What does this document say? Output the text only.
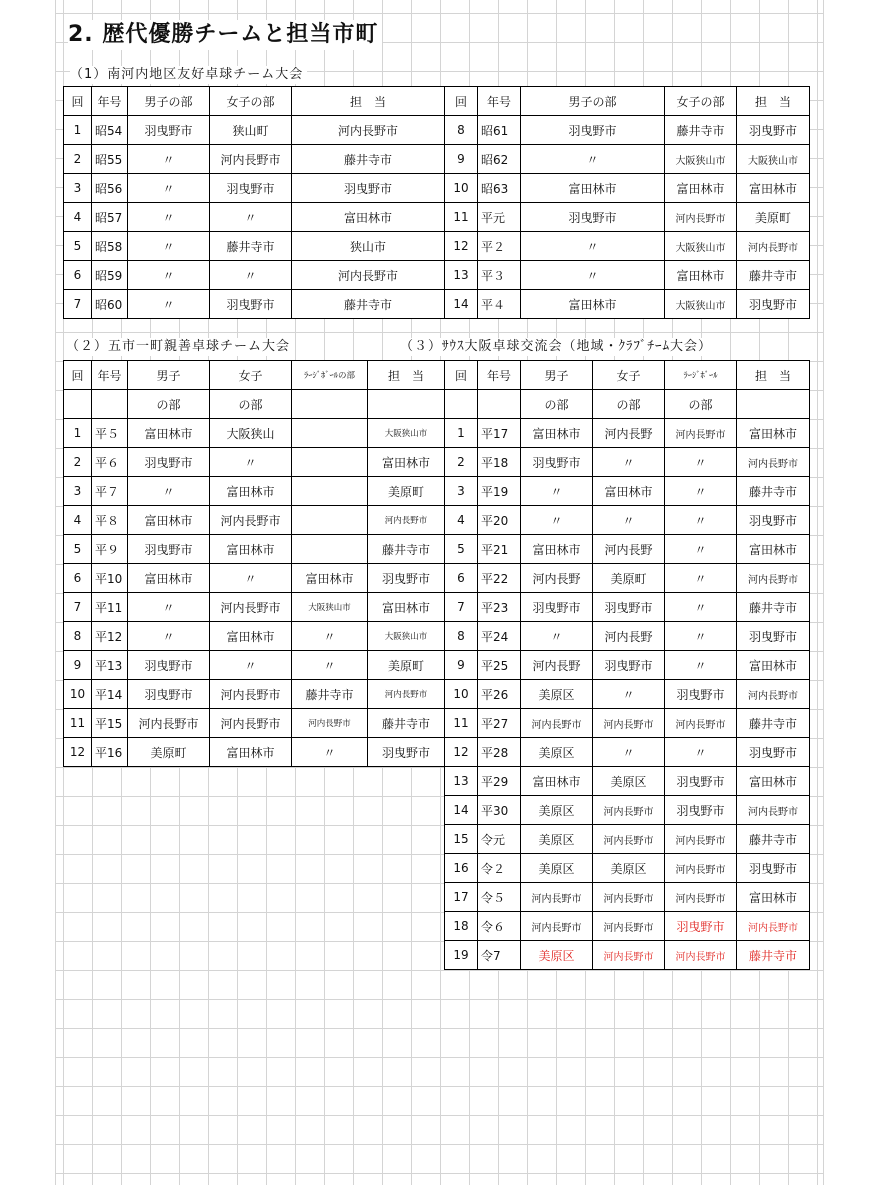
2. 歴代優勝チームと担当市町
（1）南河内地区友好卓球チーム大会
回	年号	男子の部	女子の部	担　当
1	昭54	羽曳野市	狭山町	河内長野市
2	昭55	〃	河内長野市	藤井寺市
3	昭56	〃	羽曳野市	羽曳野市
4	昭57	〃	〃	富田林市
5	昭58	〃	藤井寺市	狭山市
6	昭59	〃	〃	河内長野市
7	昭60	〃	羽曳野市	藤井寺市
回	年号	男子の部	女子の部	担　当
8	昭61	羽曳野市	藤井寺市	羽曳野市
9	昭62	〃	大阪狭山市	大阪狭山市
10	昭63	富田林市	富田林市	富田林市
11	平元	羽曳野市	河内長野市	美原町
12	平２	〃	大阪狭山市	河内長野市
13	平３	〃	富田林市	藤井寺市
14	平４	富田林市	大阪狭山市	羽曳野市
（２）五市一町親善卓球チーム大会
回	年号	男子	女子	ﾗｰｼﾞﾎﾞｰﾙの部	担　当
		の部	の部		
1	平５	富田林市	大阪狭山		大阪狭山市
2	平６	羽曳野市	〃		富田林市
3	平７	〃	富田林市		美原町
4	平８	富田林市	河内長野市		河内長野市
5	平９	羽曳野市	富田林市		藤井寺市
6	平10	富田林市	〃	富田林市	羽曳野市
7	平11	〃	河内長野市	大阪狭山市	富田林市
8	平12	〃	富田林市	〃	大阪狭山市
9	平13	羽曳野市	〃	〃	美原町
10	平14	羽曳野市	河内長野市	藤井寺市	河内長野市
11	平15	河内長野市	河内長野市	河内長野市	藤井寺市
12	平16	美原町	富田林市	〃	羽曳野市
（３）ｻｳｽ大阪卓球交流会（地域・ｸﾗﾌﾞﾁｰﾑ大会）
回	年号	男子	女子	ﾗｰｼﾞﾎﾞｰﾙ	担　当
		の部	の部	の部	
1	平17	富田林市	河内長野	河内長野市	富田林市
2	平18	羽曳野市	〃	〃	河内長野市
3	平19	〃	富田林市	〃	藤井寺市
4	平20	〃	〃	〃	羽曳野市
5	平21	富田林市	河内長野	〃	富田林市
6	平22	河内長野	美原町	〃	河内長野市
7	平23	羽曳野市	羽曳野市	〃	藤井寺市
8	平24	〃	河内長野	〃	羽曳野市
9	平25	河内長野	羽曳野市	〃	富田林市
10	平26	美原区	〃	羽曳野市	河内長野市
11	平27	河内長野市	河内長野市	河内長野市	藤井寺市
12	平28	美原区	〃	〃	羽曳野市
13	平29	富田林市	美原区	羽曳野市	富田林市
14	平30	美原区	河内長野市	羽曳野市	河内長野市
15	令元	美原区	河内長野市	河内長野市	藤井寺市
16	令２	美原区	美原区	河内長野市	羽曳野市
17	令５	河内長野市	河内長野市	河内長野市	富田林市
18	令６	河内長野市	河内長野市	羽曳野市	河内長野市
19	令7	美原区	河内長野市	河内長野市	藤井寺市
